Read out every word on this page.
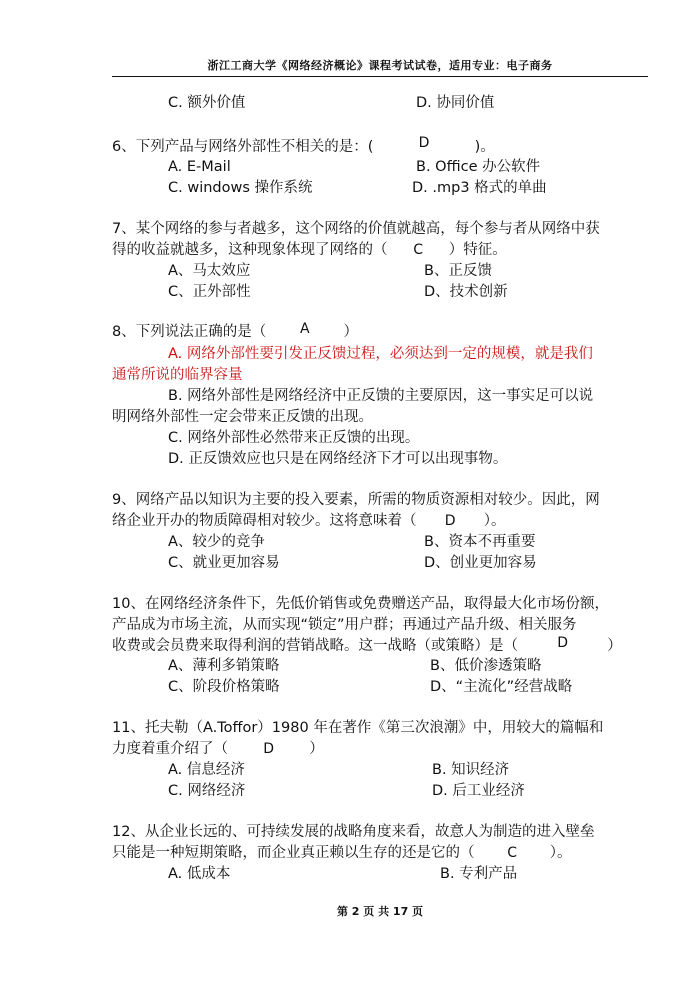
浙江工商大学《网络经济概论》课程考试试卷，适用专业：电子商务
C. 额外价值	D. 协同价值
6、下列产品与网络外部性不相关的是：(	D	)。
A. E-Mail	B. Office 办公软件
C. windows 操作系统	D. .mp3 格式的单曲
7、某个网络的参与者越多，这个网络的价值就越高，每个参与者从网络中获
得的收益就越多，这种现象体现了网络的（ C ）特征。
A、马太效应	B、正反馈
C、正外部性	D、技术创新
8、下列说法正确的是（ A ）
A. 网络外部性要引发正反馈过程，必须达到一定的规模，就是我们
通常所说的临界容量
B. 网络外部性是网络经济中正反馈的主要原因，这一事实足可以说
明网络外部性一定会带来正反馈的出现。
C. 网络外部性必然带来正反馈的出现。
D. 正反馈效应也只是在网络经济下才可以出现事物。
9、网络产品以知识为主要的投入要素，所需的物质资源相对较少。因此，网
络企业开办的物质障碍相对较少。这将意味着（ D ）。
A、较少的竞争	B、资本不再重要
C、就业更加容易	D、创业更加容易
10、在网络经济条件下，先低价销售或免费赠送产品，取得最大化市场份额，
产品成为市场主流，从而实现“锁定”用户群；再通过产品升级、相关服务
收费或会员费来取得利润的营销战略。这一战略（或策略）是（	D	）
A、薄利多销策略	B、低价渗透策略
C、阶段价格策略	D、“主流化”经营战略
11、托夫勒（A.Toffor）1980 年在著作《第三次浪潮》中，用较大的篇幅和
力度着重介绍了（	D ）
A. 信息经济	B. 知识经济
C. 网络经济	D. 后工业经济
12、从企业长远的、可持续发展的战略角度来看，故意人为制造的进入壁垒
只能是一种短期策略，而企业真正赖以生存的还是它的（ C ）。
A. 低成本	B. 专利产品
第 2 页 共 17 页
